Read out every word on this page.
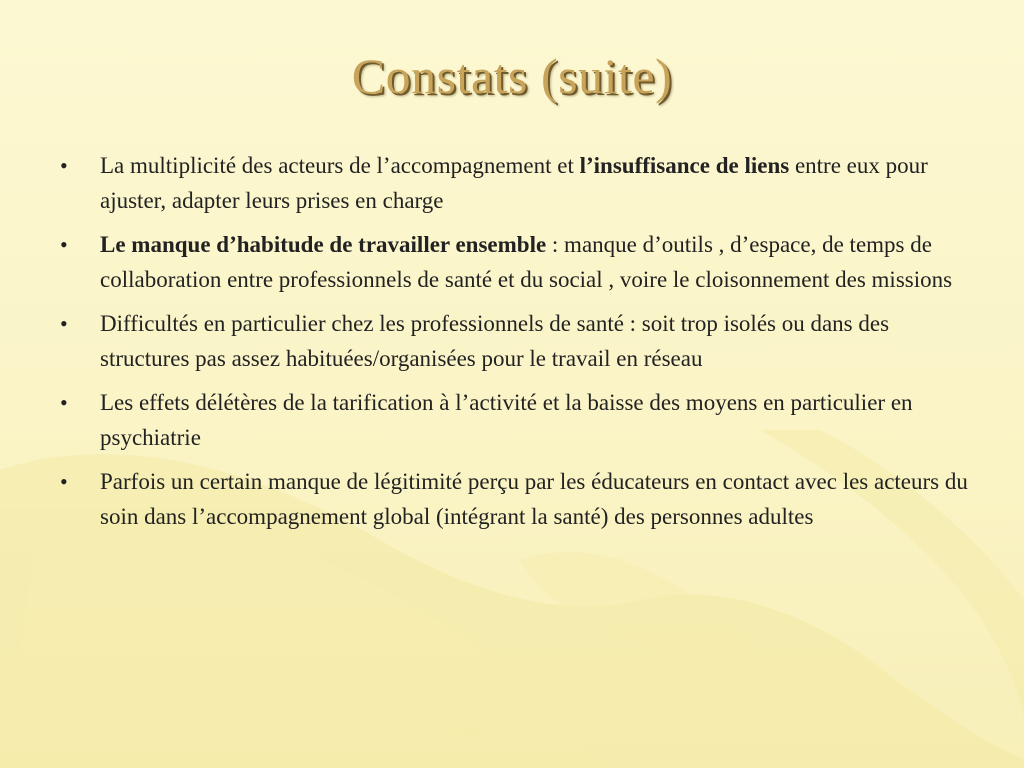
Constats (suite)
•	La multiplicité des acteurs de l’accompagnement et l’insuffisance de liens entre eux pour ajuster, adapter leurs prises en charge
•	Le manque d’habitude de travailler ensemble : manque d’outils , d’espace, de temps de collaboration entre professionnels de santé et du social , voire le cloisonnement des missions
•	Difficultés en particulier chez les professionnels de santé : soit trop isolés ou dans des structures pas assez habituées/organisées pour le travail en réseau
•	Les effets délétères de la tarification à l’activité et la baisse des moyens en particulier en psychiatrie
•	Parfois un certain manque de légitimité perçu par les éducateurs en contact avec les acteurs du soin dans l’accompagnement global (intégrant la santé) des personnes adultes
